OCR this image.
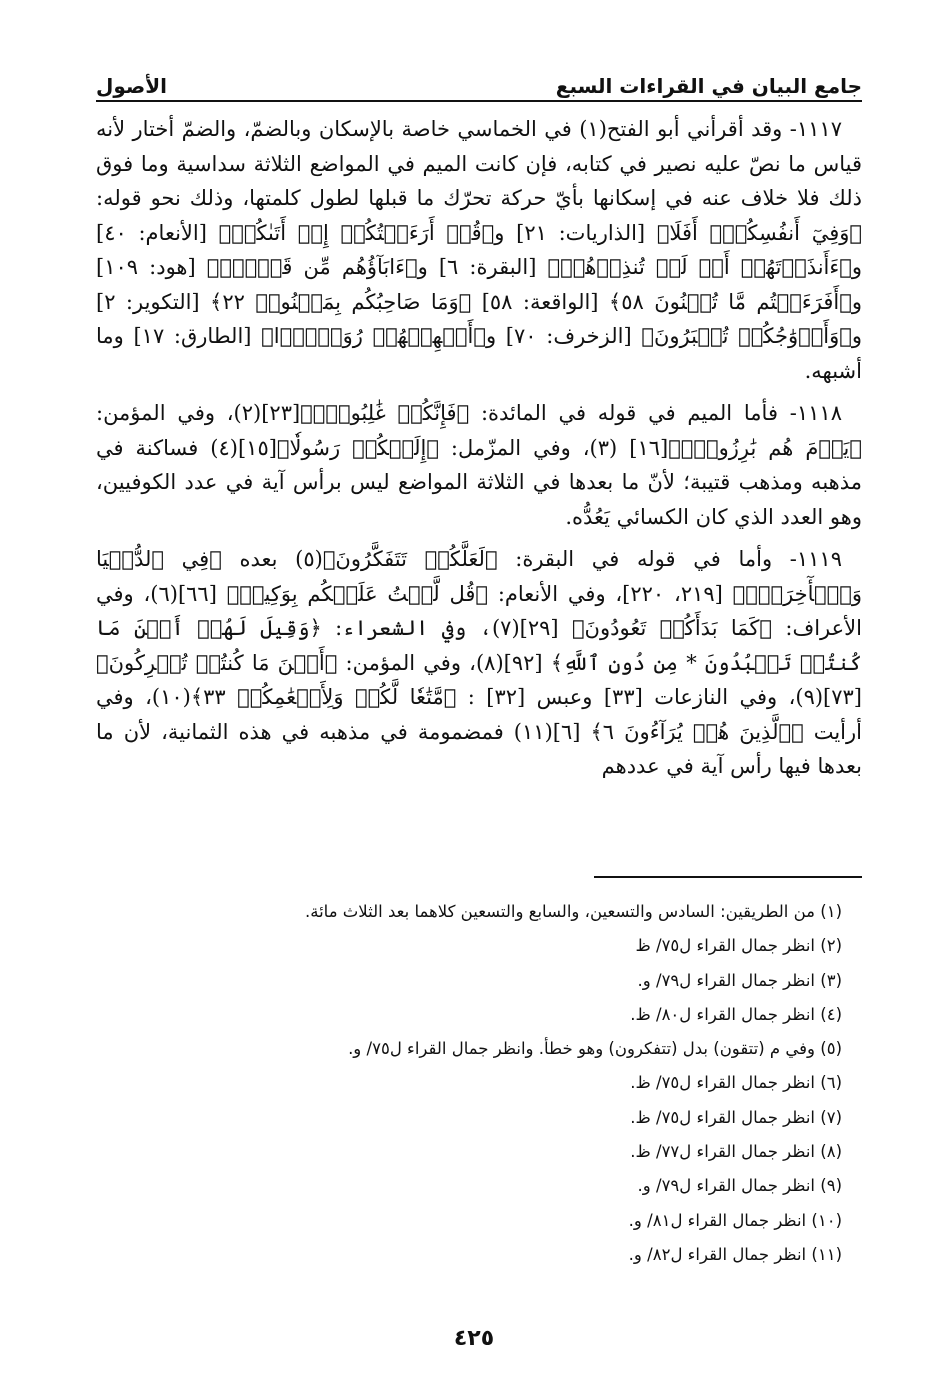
جامع البيان في القراءات السبع
الأصول

١١١٧- وقد أقرأني أبو الفتح(١) في الخماسي خاصة بالإسكان وبالضمّ، والضمّ أختار لأنه قياس ما نصّ عليه نصير في كتابه، فإن كانت الميم في المواضع الثلاثة سداسية وما فوق ذلك فلا خلاف عنه في إسكانها بأيّ حركة تحرّك ما قبلها لطول كلمتها، وذلك نحو قوله: ﴿وَفِيٓ أَنفُسِكُمۡۚ أَفَلَا﴾ [الذاريات: ٢١] و﴿قُلۡ أَرَءَيۡتُكُمۡ إِنۡ أَتَىٰكُمۡ﴾ [الأنعام: ٤٠] و﴿ءَأَنذَرۡتَهُمۡ أَمۡ لَمۡ تُنذِرۡهُمۡ﴾ [البقرة: ٦] و﴿ءَابَآؤُهُم مِّن قَبۡلُۖ﴾ [هود: ١٠٩] و﴿أَفَرَءَيۡتُم مَّا تُمۡنُونَ ٥٨﴾ [الواقعة: ٥٨] ﴿وَمَا صَاحِبُكُم بِمَجۡنُونٖ ٢٢﴾ [التكوير: ٢] و﴿وَأَزۡوَٰجُكُمۡ تُحۡبَرُونَ﴾ [الزخرف: ٧٠] و﴿أَمۡهِلۡهُمۡ رُوَيۡدَۢا﴾ [الطارق: ١٧] وما أشبهه.

١١١٨- فأما الميم في قوله في المائدة: ﴿فَإِنَّكُمۡ غَٰلِبُونَۚ﴾[٢٣](٢)، وفي المؤمن: ﴿يَوۡمَ هُم بَٰرِزُونَۖ﴾[١٦] (٣)، وفي المزّمل: ﴿إِلَيۡكُمۡ رَسُولٗا﴾[١٥](٤) فساكنة في مذهبه ومذهب قتيبة؛ لأنّ ما بعدها في الثلاثة المواضع ليس برأس آية في عدد الكوفيين، وهو العدد الذي كان الكسائي يَعُدُّه.

١١١٩- وأما في قوله في البقرة: ﴿لَعَلَّكُمۡ تَتَفَكَّرُونَ﴾(٥) بعده ﴿فِي ٱلدُّنۡيَا وَٱلۡأٓخِرَةِۗ﴾ [٢١٩، ٢٢٠]، وفي الأنعام: ﴿قُل لَّسۡتُ عَلَيۡكُم بِوَكِيلٖ﴾ [٦٦](٦)، وفي الأعراف: ﴿كَمَا بَدَأَكُمۡ تَعُودُونَ﴾ [٢٩](٧)، وفي الشعراء: ﴿وَقِيلَ لَهُمۡ أَيۡنَ مَا كُنتُمۡ تَعۡبُدُونَ * مِن دُونِ ٱللَّهِ﴾ [٩٢](٨)، وفي المؤمن: ﴿أَيۡنَ مَا كُنتُمۡ تُشۡرِكُونَ﴾ [٧٣](٩)، وفي النازعات [٣٣] وعبس [٣٢] : ﴿مَّتَٰعٗا لَّكُمۡ وَلِأَنۡعَٰمِكُمۡ ٣٣﴾(١٠)، وفي أرأيت ﴿ٱلَّذِينَ هُمۡ يُرَآءُونَ ٦﴾ [٦](١١) فمضمومة في مذهبه في هذه الثمانية، لأن ما بعدها فيها رأس آية في عددهم

(١) من الطريقين: السادس والتسعين، والسابع والتسعين كلاهما بعد الثلاث مائة.

(٢) انظر جمال القراء ل٧٥/ ظ

(٣) انظر جمال القراء ل٧٩/ و.

(٤) انظر جمال القراء ل٨٠/ ظ.

(٥) وفي م (تتقون) بدل (تتفكرون) وهو خطأ. وانظر جمال القراء ل٧٥/ و.

(٦) انظر جمال القراء ل٧٥/ ظ.

(٧) انظر جمال القراء ل٧٥/ ظ.

(٨) انظر جمال القراء ل٧٧/ ظ.

(٩) انظر جمال القراء ل٧٩/ و.

(١٠) انظر جمال القراء ل٨١/ و.

(١١) انظر جمال القراء ل٨٢/ و.

٤٢٥
